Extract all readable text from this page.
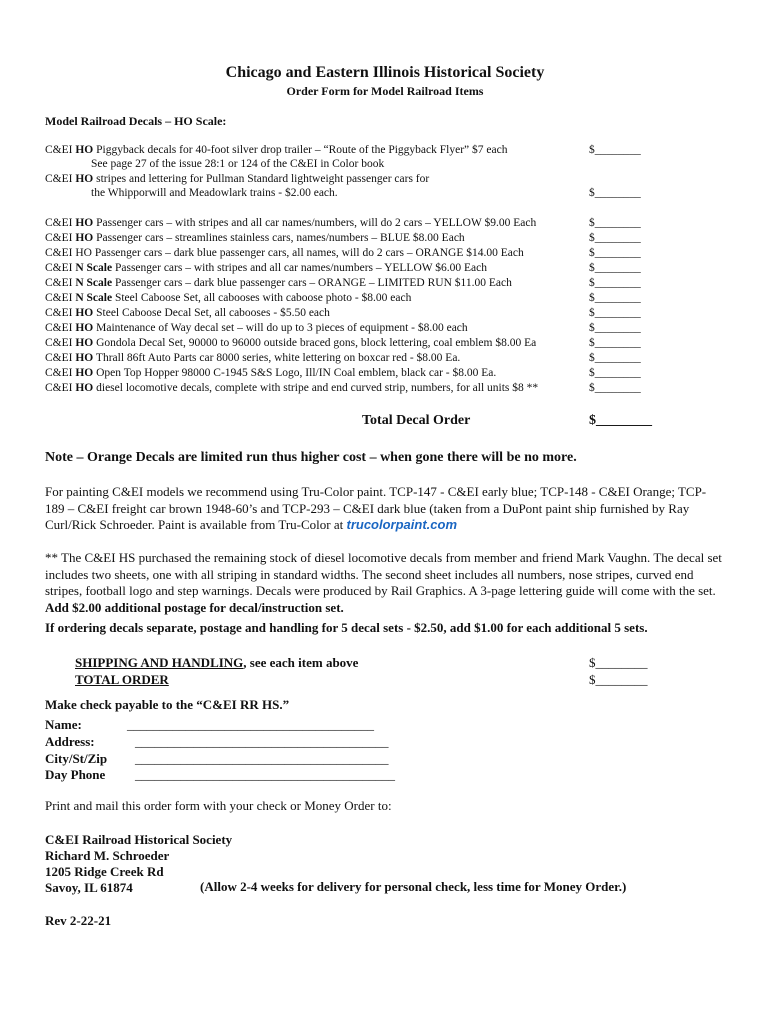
Chicago and Eastern Illinois Historical Society
Order Form for Model Railroad Items
Model Railroad Decals – HO Scale:
C&EI HO Piggyback decals for 40-foot silver drop trailer – “Route of the Piggyback Flyer” $7 each	$________
See page 27 of the issue 28:1 or 124 of the C&EI in Color book
C&EI HO stripes and lettering for Pullman Standard lightweight passenger cars for
the Whipporwill and Meadowlark trains - $2.00 each.	$________
C&EI HO Passenger cars – with stripes and all car names/numbers, will do 2 cars – YELLOW $9.00 Each	$________
C&EI HO Passenger cars – streamlines stainless cars, names/numbers – BLUE $8.00 Each	$________
C&EI HO Passenger cars – dark blue passenger cars, all names, will do 2 cars – ORANGE $14.00 Each	$________
C&EI N Scale Passenger cars – with stripes and all car names/numbers – YELLOW $6.00 Each	$________
C&EI N Scale Passenger cars – dark blue passenger cars – ORANGE – LIMITED RUN $11.00 Each	$________
C&EI N Scale Steel Caboose Set, all cabooses with caboose photo - $8.00 each	$________
C&EI HO Steel Caboose Decal Set, all cabooses - $5.50 each	$________
C&EI HO Maintenance of Way decal set – will do up to 3 pieces of equipment - $8.00 each	$________
C&EI HO Gondola Decal Set, 90000 to 96000 outside braced gons, block lettering, coal emblem $8.00 Ea	$________
C&EI HO Thrall 86ft Auto Parts car 8000 series, white lettering on boxcar red - $8.00 Ea.	$________
C&EI HO Open Top Hopper 98000 C-1945 S&S Logo, Ill/IN Coal emblem, black car - $8.00 Ea.	$________
C&EI HO diesel locomotive decals, complete with stripe and end curved strip, numbers, for all units $8 **	$________
Total Decal Order	$________
Note – Orange Decals are limited run thus higher cost – when gone there will be no more.
For painting C&EI models we recommend using Tru-Color paint. TCP-147 - C&EI early blue; TCP-148 - C&EI Orange; TCP-189 – C&EI freight car brown 1948-60’s and TCP-293 – C&EI dark blue (taken from a DuPont paint ship furnished by Ray Curl/Rick Schroeder. Paint is available from Tru-Color at trucolorpaint.com
** The C&EI HS purchased the remaining stock of diesel locomotive decals from member and friend Mark Vaughn. The decal set includes two sheets, one with all striping in standard widths. The second sheet includes all numbers, nose stripes, curved end stripes, football logo and step warnings. Decals were produced by Rail Graphics. A 3-page lettering guide will come with the set. Add $2.00 additional postage for decal/instruction set.
If ordering decals separate, postage and handling for 5 decal sets - $2.50, add $1.00 for each additional 5 sets.
SHIPPING AND HANDLING, see each item above	$________
TOTAL ORDER	$________
Make check payable to the “C&EI RR HS.”
Name:	______________________________________
Address:	_______________________________________
City/St/Zip _______________________________________
Day Phone ________________________________________
Print and mail this order form with your check or Money Order to:
C&EI Railroad Historical Society
Richard M. Schroeder
1205 Ridge Creek Rd
Savoy, IL 61874	(Allow 2-4 weeks for delivery for personal check, less time for Money Order.)
Rev 2-22-21
